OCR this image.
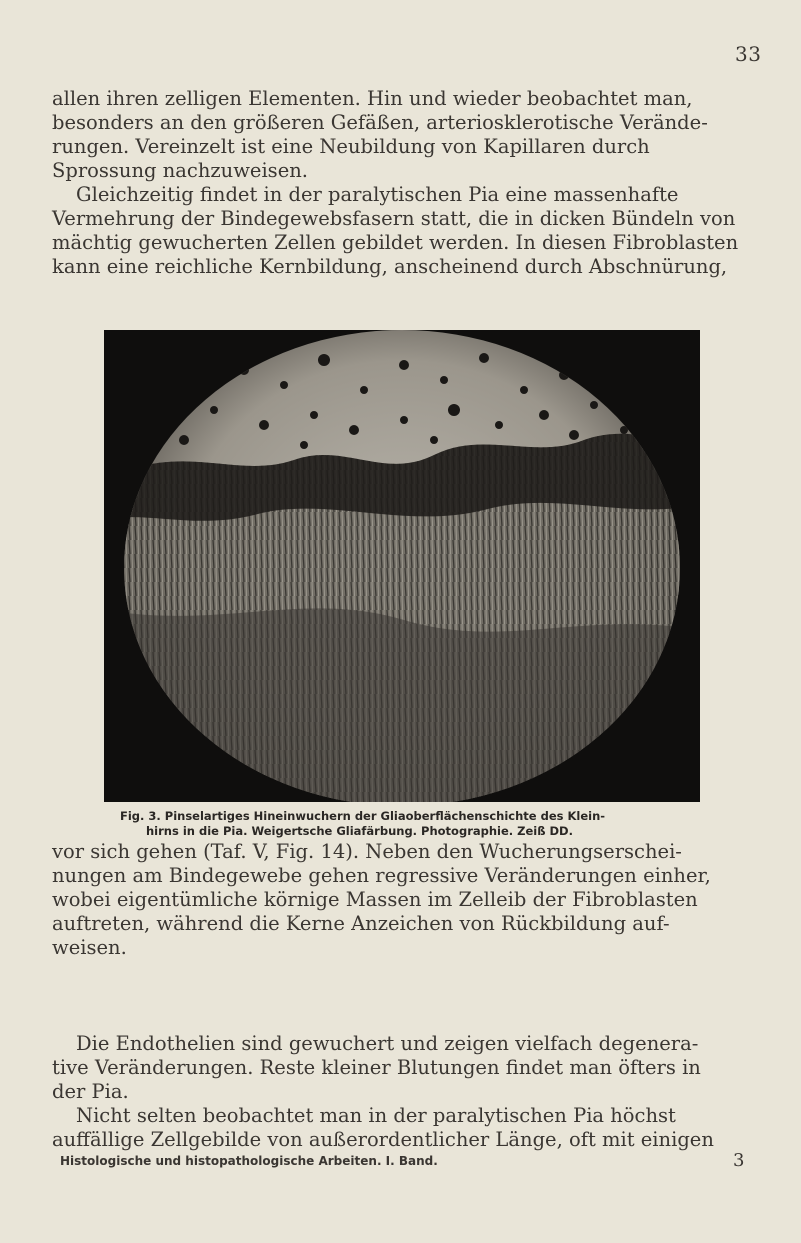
33
allen ihren zelligen Elementen. Hin und wieder beobachtet man,
besonders an den größeren Gefäßen, arteriosklerotische Verände-
rungen. Vereinzelt ist eine Neubildung von Kapillaren durch
Sprossung nachzuweisen.
Gleichzeitig findet in der paralytischen Pia eine massenhafte
Vermehrung der Bindegewebsfasern statt, die in dicken Bündeln von
mächtig gewucherten Zellen gebildet werden. In diesen Fibroblasten
kann eine reichliche Kernbildung, anscheinend durch Abschnürung,
Fig. 3. Pinselartiges Hineinwuchern der Gliaoberflächenschichte des Klein-
hirns in die Pia. Weigertsche Gliafärbung. Photographie. Zeiß DD.
vor sich gehen (Taf. V, Fig. 14). Neben den Wucherungserschei-
nungen am Bindegewebe gehen regressive Veränderungen einher,
wobei eigentümliche körnige Massen im Zelleib der Fibroblasten
auftreten, während die Kerne Anzeichen von Rückbildung auf-
weisen.
Die Endothelien sind gewuchert und zeigen vielfach degenera-
tive Veränderungen. Reste kleiner Blutungen findet man öfters in
der Pia.
Nicht selten beobachtet man in der paralytischen Pia höchst
auffällige Zellgebilde von außerordentlicher Länge, oft mit einigen
Histologische und histopathologische Arbeiten. I. Band.	3
